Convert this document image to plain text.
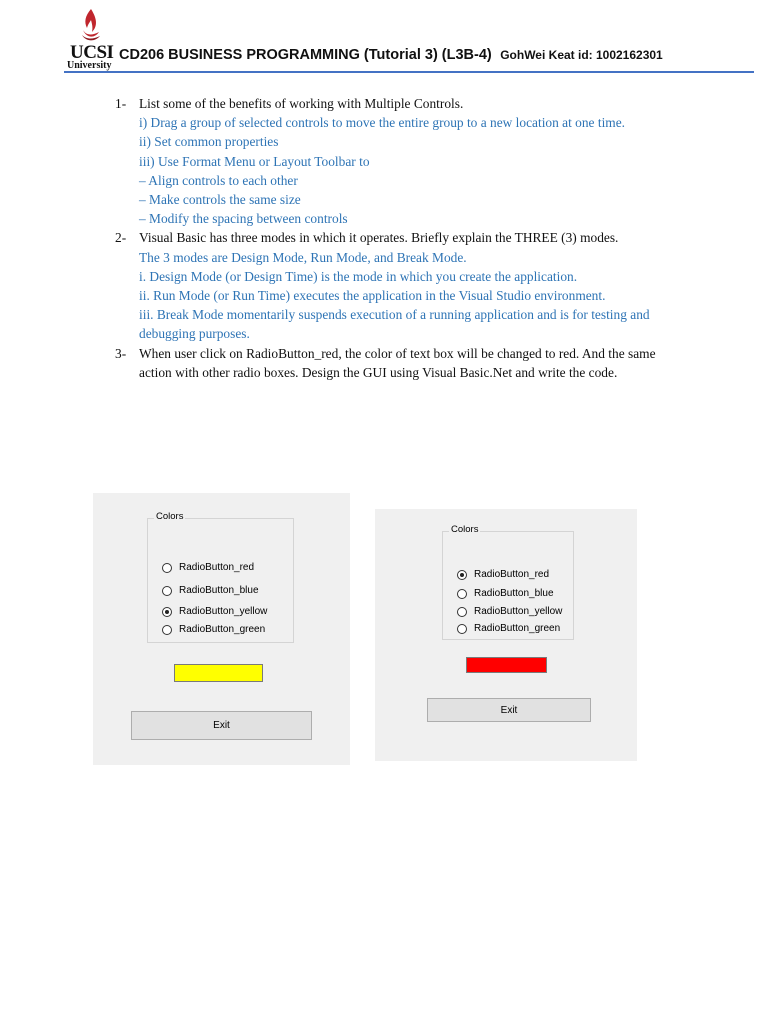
UCSI
University
CD206 BUSINESS PROGRAMMING (Tutorial 3) (L3B-4) GohWei Keat id: 1002162301
1- List some of the benefits of working with Multiple Controls.
i) Drag a group of selected controls to move the entire group to a new location at one time.
ii) Set common properties
iii) Use Format Menu or Layout Toolbar to
– Align controls to each other
– Make controls the same size
– Modify the spacing between controls
2- Visual Basic has three modes in which it operates. Briefly explain the THREE (3) modes.
The 3 modes are Design Mode, Run Mode, and Break Mode.
i. Design Mode (or Design Time) is the mode in which you create the application.
ii. Run Mode (or Run Time) executes the application in the Visual Studio environment.
iii. Break Mode momentarily suspends execution of a running application and is for testing and debugging purposes.
3- When user click on RadioButton_red, the color of text box will be changed to red. And the same action with other radio boxes. Design the GUI using Visual Basic.Net and write the code.
Colors
RadioButton_red
RadioButton_blue
RadioButton_yellow
RadioButton_green
Exit
Colors
RadioButton_red
RadioButton_blue
RadioButton_yellow
RadioButton_green
Exit
